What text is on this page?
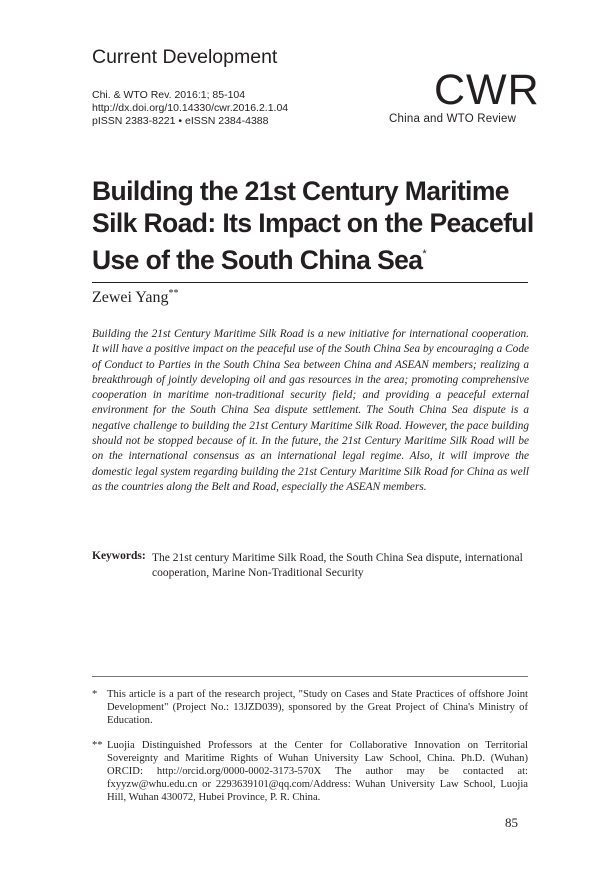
Current Development
Chi. & WTO Rev. 2016:1; 85-104
http://dx.doi.org/10.14330/cwr.2016.2.1.04
pISSN 2383-8221 • eISSN 2384-4388
CWR
China and WTO Review
Building the 21st Century Maritime Silk Road: Its Impact on the Peaceful Use of the South China Sea*
Zewei Yang**
Building the 21st Century Maritime Silk Road is a new initiative for international cooperation. It will have a positive impact on the peaceful use of the South China Sea by encouraging a Code of Conduct to Parties in the South China Sea between China and ASEAN members; realizing a breakthrough of jointly developing oil and gas resources in the area; promoting comprehensive cooperation in maritime non-traditional security field; and providing a peaceful external environment for the South China Sea dispute settlement. The South China Sea dispute is a negative challenge to building the 21st Century Maritime Silk Road. However, the pace building should not be stopped because of it. In the future, the 21st Century Maritime Silk Road will be on the international consensus as an international legal regime. Also, it will improve the domestic legal system regarding building the 21st Century Maritime Silk Road for China as well as the countries along the Belt and Road, especially the ASEAN members.
Keywords: The 21st century Maritime Silk Road, the South China Sea dispute, international
cooperation, Marine Non-Traditional Security
* This article is a part of the research project, "Study on Cases and State Practices of offshore Joint Development" (Project No.: 13JZD039), sponsored by the Great Project of China's Ministry of Education.
** Luojia Distinguished Professors at the Center for Collaborative Innovation on Territorial Sovereignty and Maritime Rights of Wuhan University Law School, China. Ph.D. (Wuhan) ORCID: http://orcid.org/0000-0002-3173-570X The author may be contacted at: fxyyzw@whu.edu.cn or 2293639101@qq.com/Address: Wuhan University Law School, Luojia Hill, Wuhan 430072, Hubei Province, P. R. China.
85
